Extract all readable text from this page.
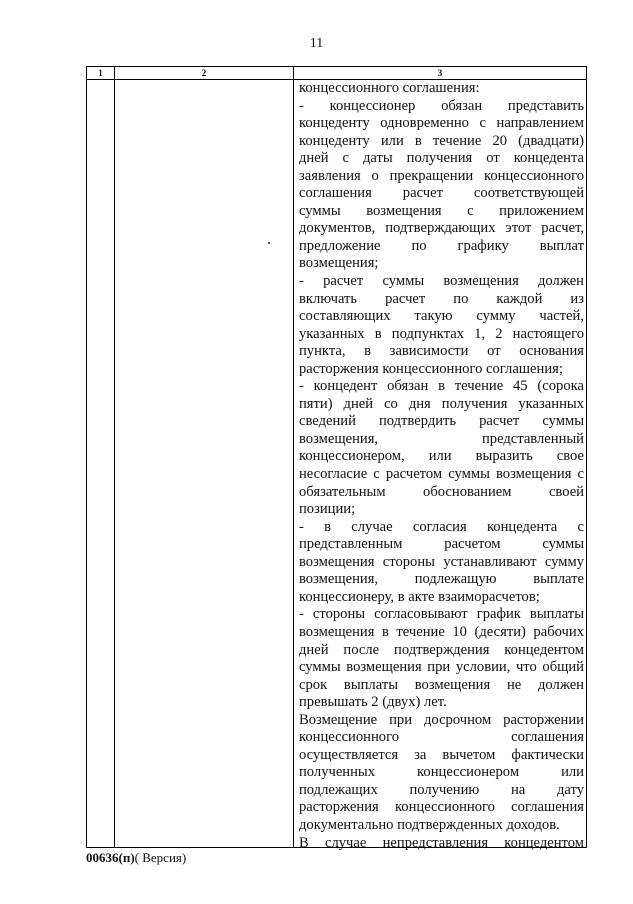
11
1	2	3
концессионного соглашения:
- концессионер обязан представить
концеденту одновременно с направлением
концеденту или в течение 20 (двадцати)
дней с даты получения от концедента
заявления о прекращении концессионного
соглашения расчет соответствующей
суммы возмещения с приложением
документов, подтверждающих этот расчет,
предложение по графику выплат
возмещения;
- расчет суммы возмещения должен
включать расчет по каждой из
составляющих такую сумму частей,
указанных в подпунктах 1, 2 настоящего
пункта, в зависимости от основания
расторжения концессионного соглашения;
- концедент обязан в течение 45 (сорока
пяти) дней со дня получения указанных
сведений подтвердить расчет суммы
возмещения, представленный
концессионером, или выразить свое
несогласие с расчетом суммы возмещения с
обязательным обоснованием своей
позиции;
- в случае согласия концедента с
представленным расчетом суммы
возмещения стороны устанавливают сумму
возмещения, подлежащую выплате
концессионеру, в акте взаиморасчетов;
- стороны согласовывают график выплаты
возмещения в течение 10 (десяти) рабочих
дней после подтверждения концедентом
суммы возмещения при условии, что общий
срок выплаты возмещения не должен
превышать 2 (двух) лет.
Возмещение при досрочном расторжении
концессионного соглашения
осуществляется за вычетом фактически
полученных концессионером или
подлежащих получению на дату
расторжения концессионного соглашения
документально подтвержденных доходов.
В случае непредставления концедентом
00636(п)( Версия)
